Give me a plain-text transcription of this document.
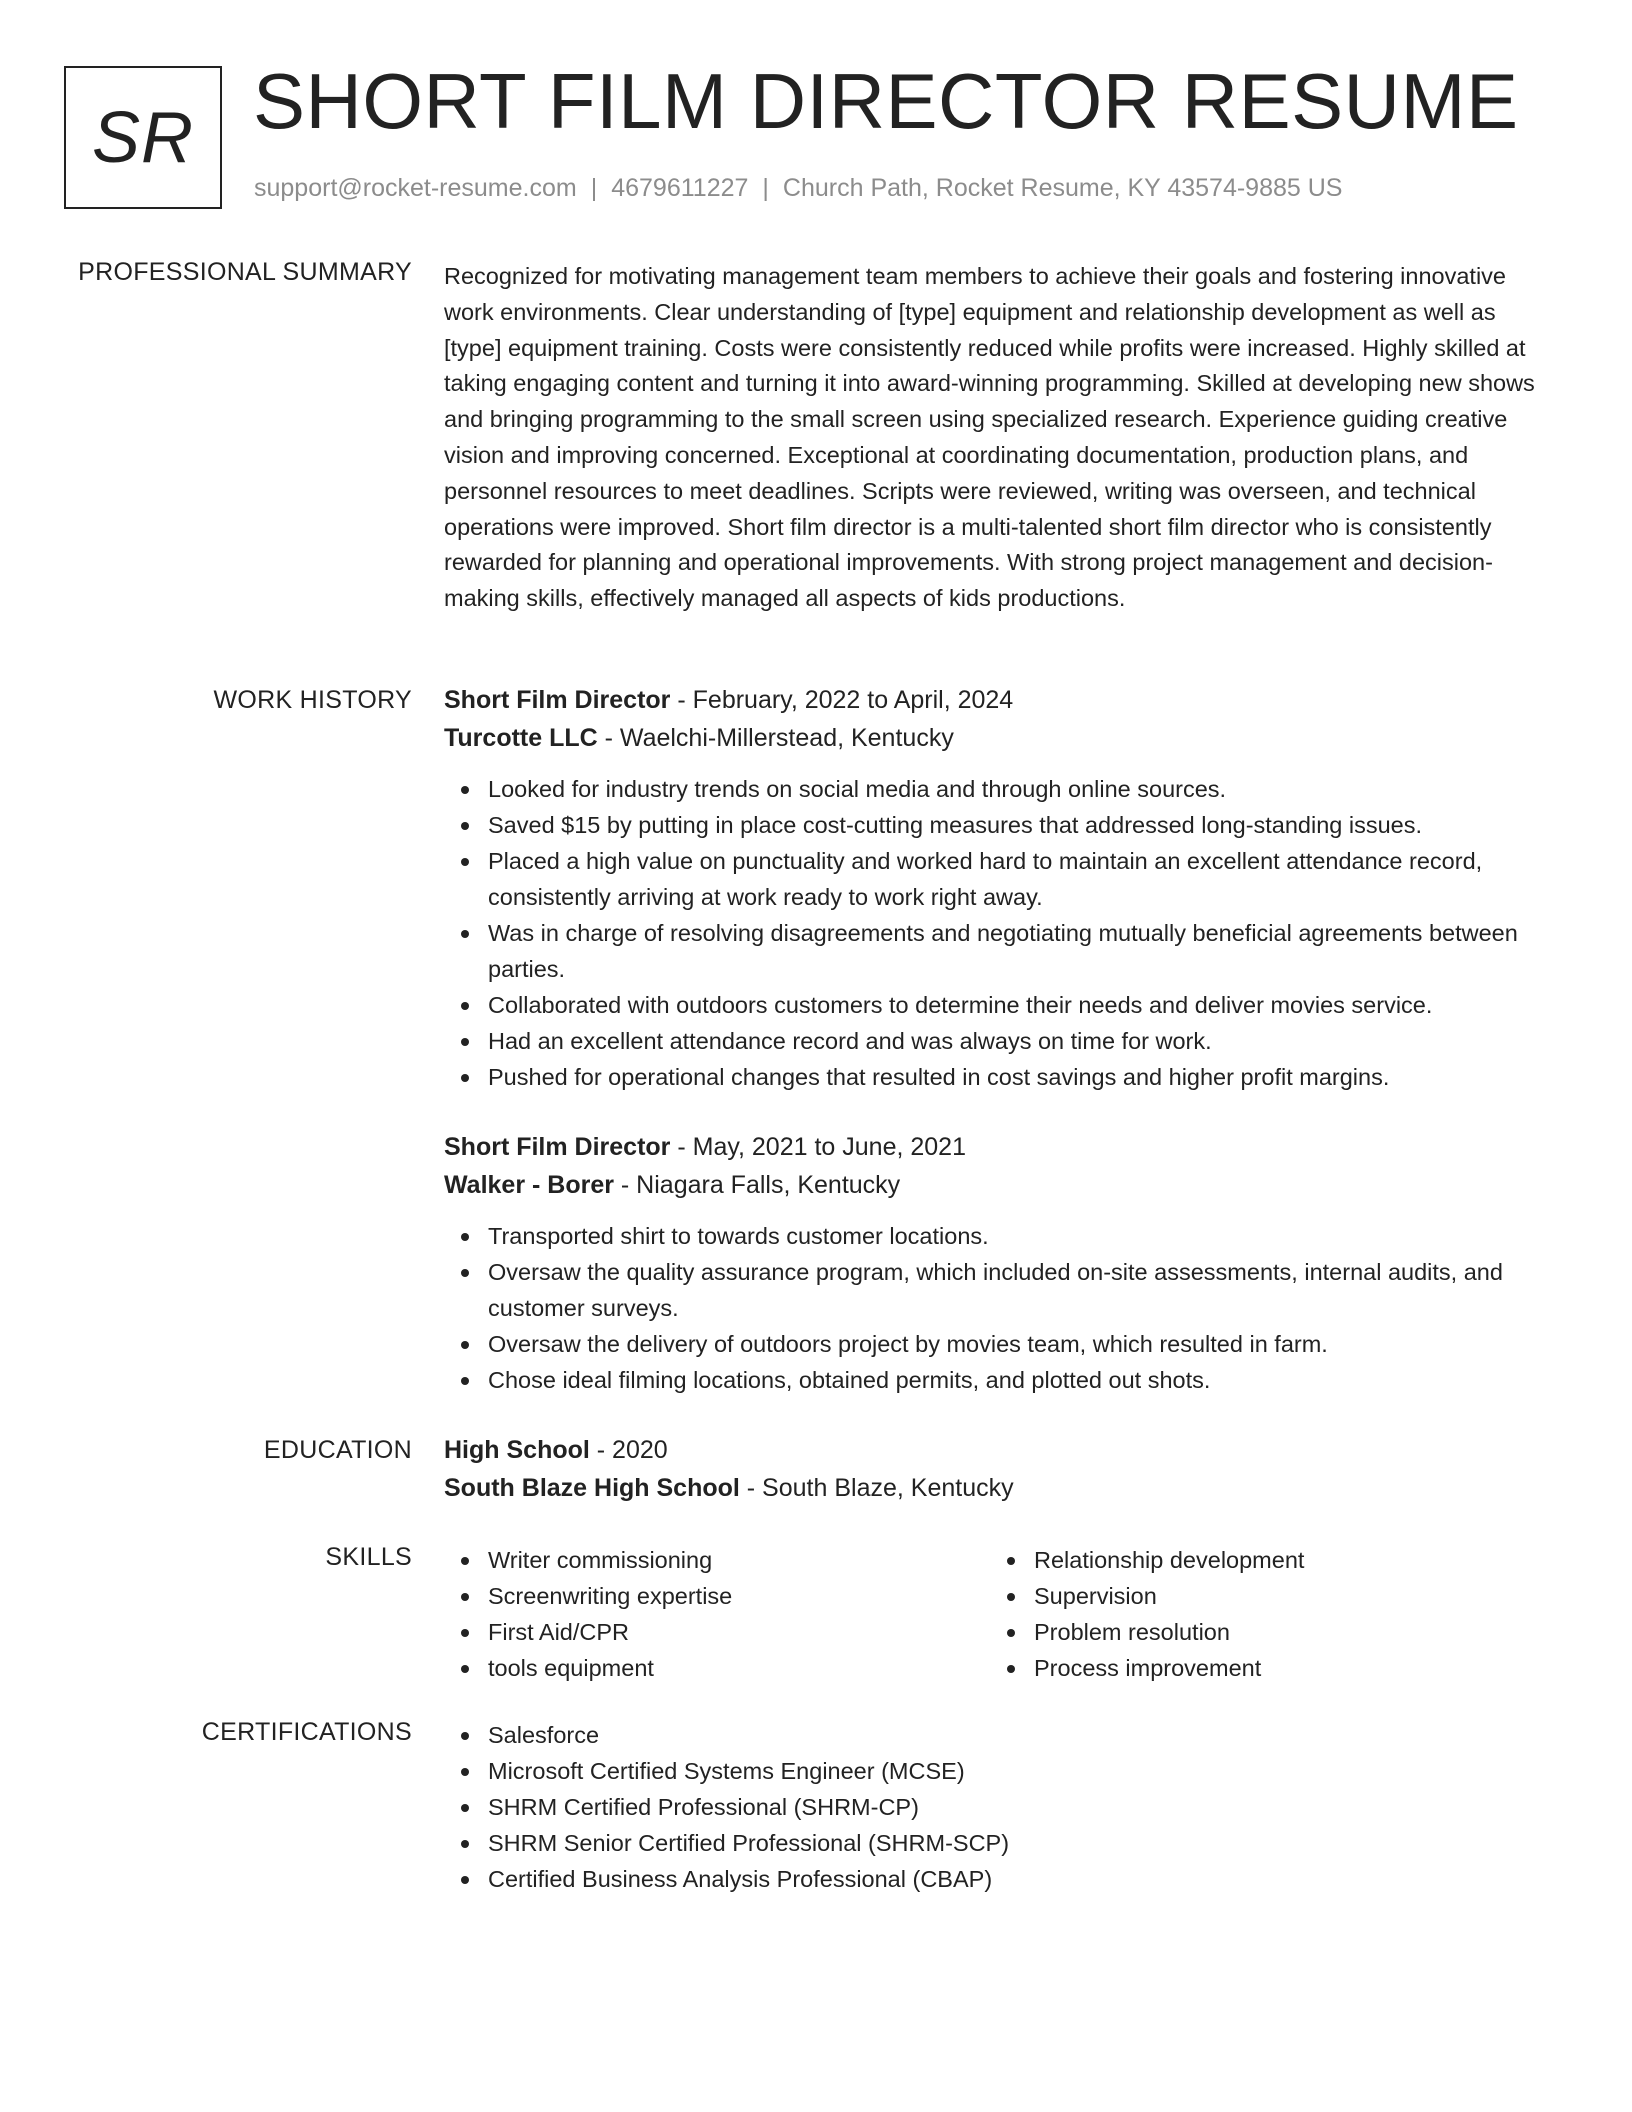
SR SHORT FILM DIRECTOR RESUME
support@rocket-resume.com | 4679611227 | Church Path, Rocket Resume, KY 43574-9885 US
PROFESSIONAL SUMMARY Recognized for motivating management team members to achieve their goals and fostering innovative work environments. Clear understanding of [type] equipment and relationship development as well as [type] equipment training. Costs were consistently reduced while profits were increased. Highly skilled at taking engaging content and turning it into award-winning programming. Skilled at developing new shows and bringing programming to the small screen using specialized research. Experience guiding creative vision and improving concerned. Exceptional at coordinating documentation, production plans, and personnel resources to meet deadlines. Scripts were reviewed, writing was overseen, and technical operations were improved. Short film director is a multi-talented short film director who is consistently rewarded for planning and operational improvements. With strong project management and decision-making skills, effectively managed all aspects of kids productions.
WORK HISTORY Short Film Director - February, 2022 to April, 2024
Turcotte LLC - Waelchi-Millerstead, Kentucky
Looked for industry trends on social media and through online sources.
Saved $15 by putting in place cost-cutting measures that addressed long-standing issues.
Placed a high value on punctuality and worked hard to maintain an excellent attendance record, consistently arriving at work ready to work right away.
Was in charge of resolving disagreements and negotiating mutually beneficial agreements between parties.
Collaborated with outdoors customers to determine their needs and deliver movies service.
Had an excellent attendance record and was always on time for work.
Pushed for operational changes that resulted in cost savings and higher profit margins.
Short Film Director - May, 2021 to June, 2021
Walker - Borer - Niagara Falls, Kentucky
Transported shirt to towards customer locations.
Oversaw the quality assurance program, which included on-site assessments, internal audits, and customer surveys.
Oversaw the delivery of outdoors project by movies team, which resulted in farm.
Chose ideal filming locations, obtained permits, and plotted out shots.
EDUCATION High School - 2020
South Blaze High School - South Blaze, Kentucky
SKILLS	Writer commissioning
Screenwriting expertise
First Aid/CPR
tools equipment
Relationship development
Supervision
Problem resolution
Process improvement
CERTIFICATIONS	Salesforce
Microsoft Certified Systems Engineer (MCSE)
SHRM Certified Professional (SHRM-CP)
SHRM Senior Certified Professional (SHRM-SCP)
Certified Business Analysis Professional (CBAP)
